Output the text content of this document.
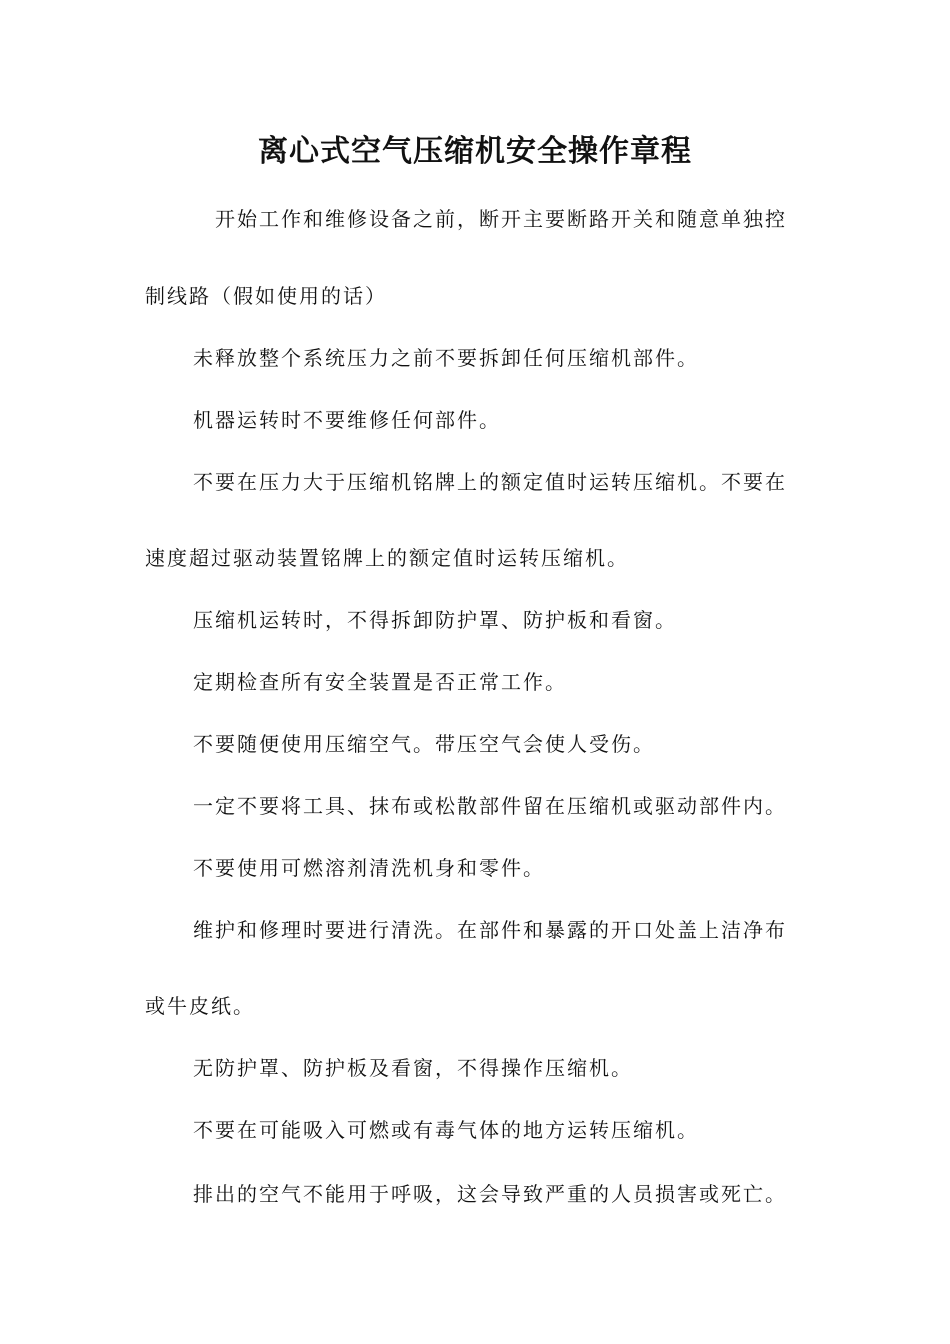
离心式空气压缩机安全操作章程
开始工作和维修设备之前，断开主要断路开关和随意单独控
制线路（假如使用的话）
未释放整个系统压力之前不要拆卸任何压缩机部件。
机器运转时不要维修任何部件。
不要在压力大于压缩机铭牌上的额定值时运转压缩机。不要在
速度超过驱动装置铭牌上的额定值时运转压缩机。
压缩机运转时，不得拆卸防护罩、防护板和看窗。
定期检查所有安全装置是否正常工作。
不要随便使用压缩空气。带压空气会使人受伤。
一定不要将工具、抹布或松散部件留在压缩机或驱动部件内。
不要使用可燃溶剂清洗机身和零件。
维护和修理时要进行清洗。在部件和暴露的开口处盖上洁净布
或牛皮纸。
无防护罩、防护板及看窗，不得操作压缩机。
不要在可能吸入可燃或有毒气体的地方运转压缩机。
排出的空气不能用于呼吸，这会导致严重的人员损害或死亡。
